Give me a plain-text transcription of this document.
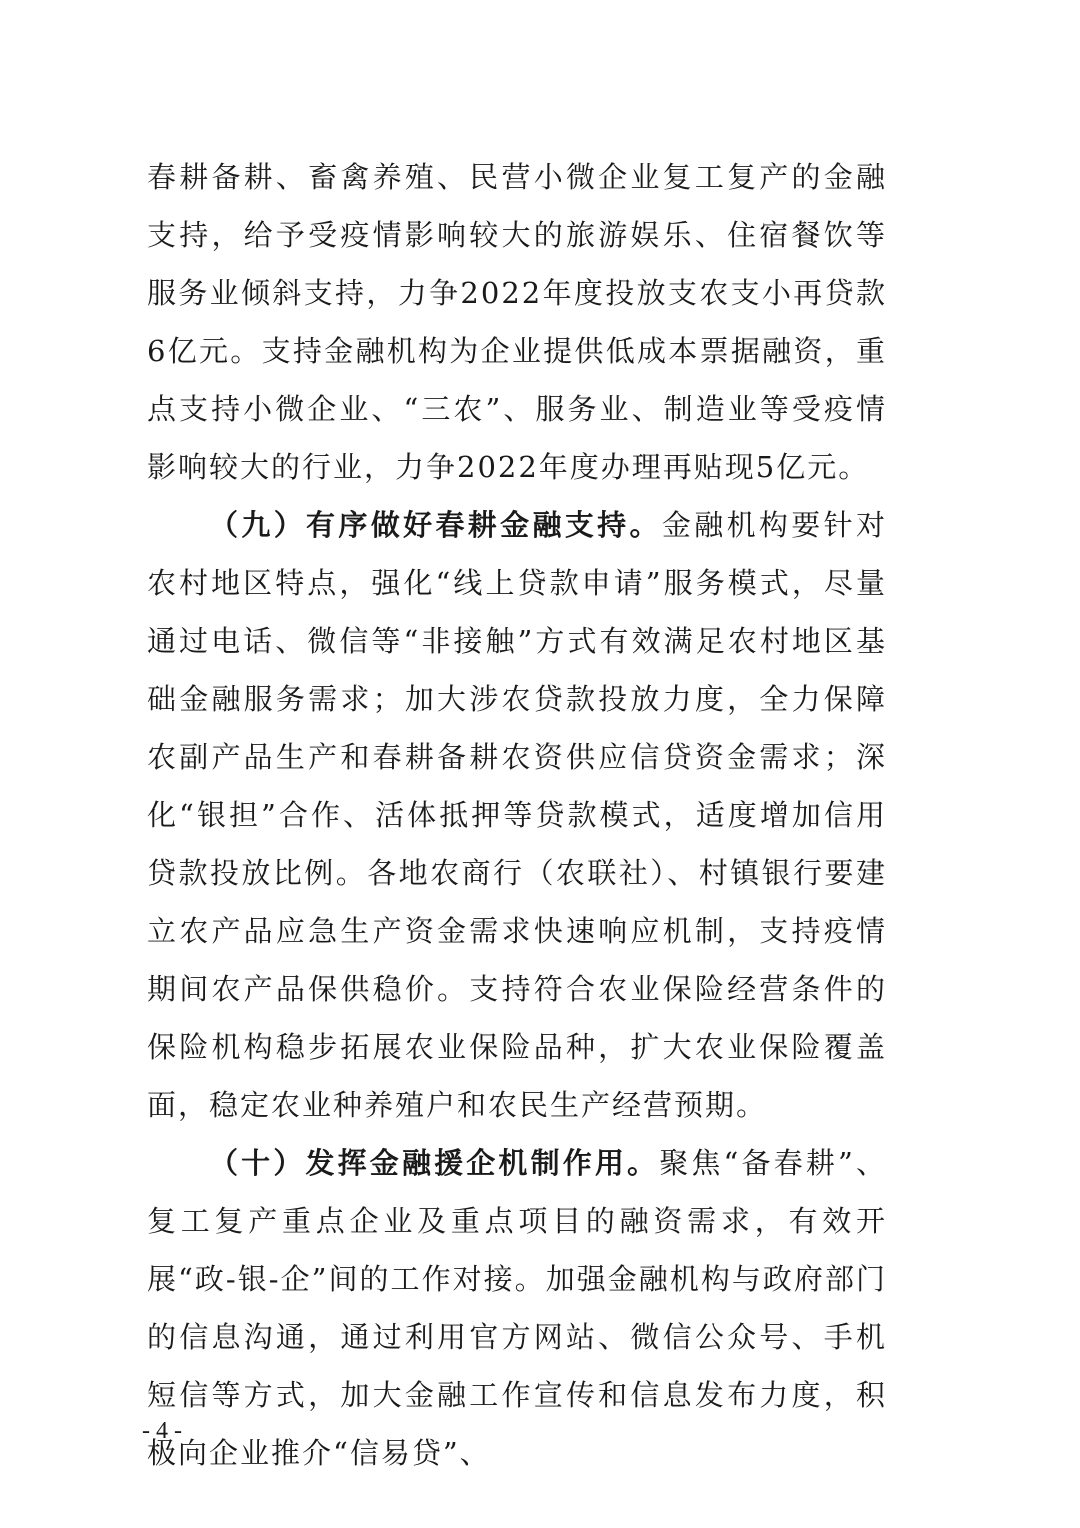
春耕备耕、畜禽养殖、民营小微企业复工复产的金融支持，给予受疫情影响较大的旅游娱乐、住宿餐饮等服务业倾斜支持，力争2022年度投放支农支小再贷款6亿元。支持金融机构为企业提供低成本票据融资，重点支持小微企业、“三农”、服务业、制造业等受疫情影响较大的行业，力争2022年度办理再贴现5亿元。

（九）有序做好春耕金融支持。金融机构要针对农村地区特点，强化“线上贷款申请”服务模式，尽量通过电话、微信等“非接触”方式有效满足农村地区基础金融服务需求；加大涉农贷款投放力度，全力保障农副产品生产和春耕备耕农资供应信贷资金需求；深化“银担”合作、活体抵押等贷款模式，适度增加信用贷款投放比例。各地农商行（农联社）、村镇银行要建立农产品应急生产资金需求快速响应机制，支持疫情期间农产品保供稳价。支持符合农业保险经营条件的保险机构稳步拓展农业保险品种，扩大农业保险覆盖面，稳定农业种养殖户和农民生产经营预期。

（十）发挥金融援企机制作用。聚焦“备春耕”、复工复产重点企业及重点项目的融资需求，有效开展“政-银-企”间的工作对接。加强金融机构与政府部门的信息沟通，通过利用官方网站、微信公众号、手机短信等方式，加大金融工作宣传和信息发布力度，积极向企业推介“信易贷”、

- 4 -
